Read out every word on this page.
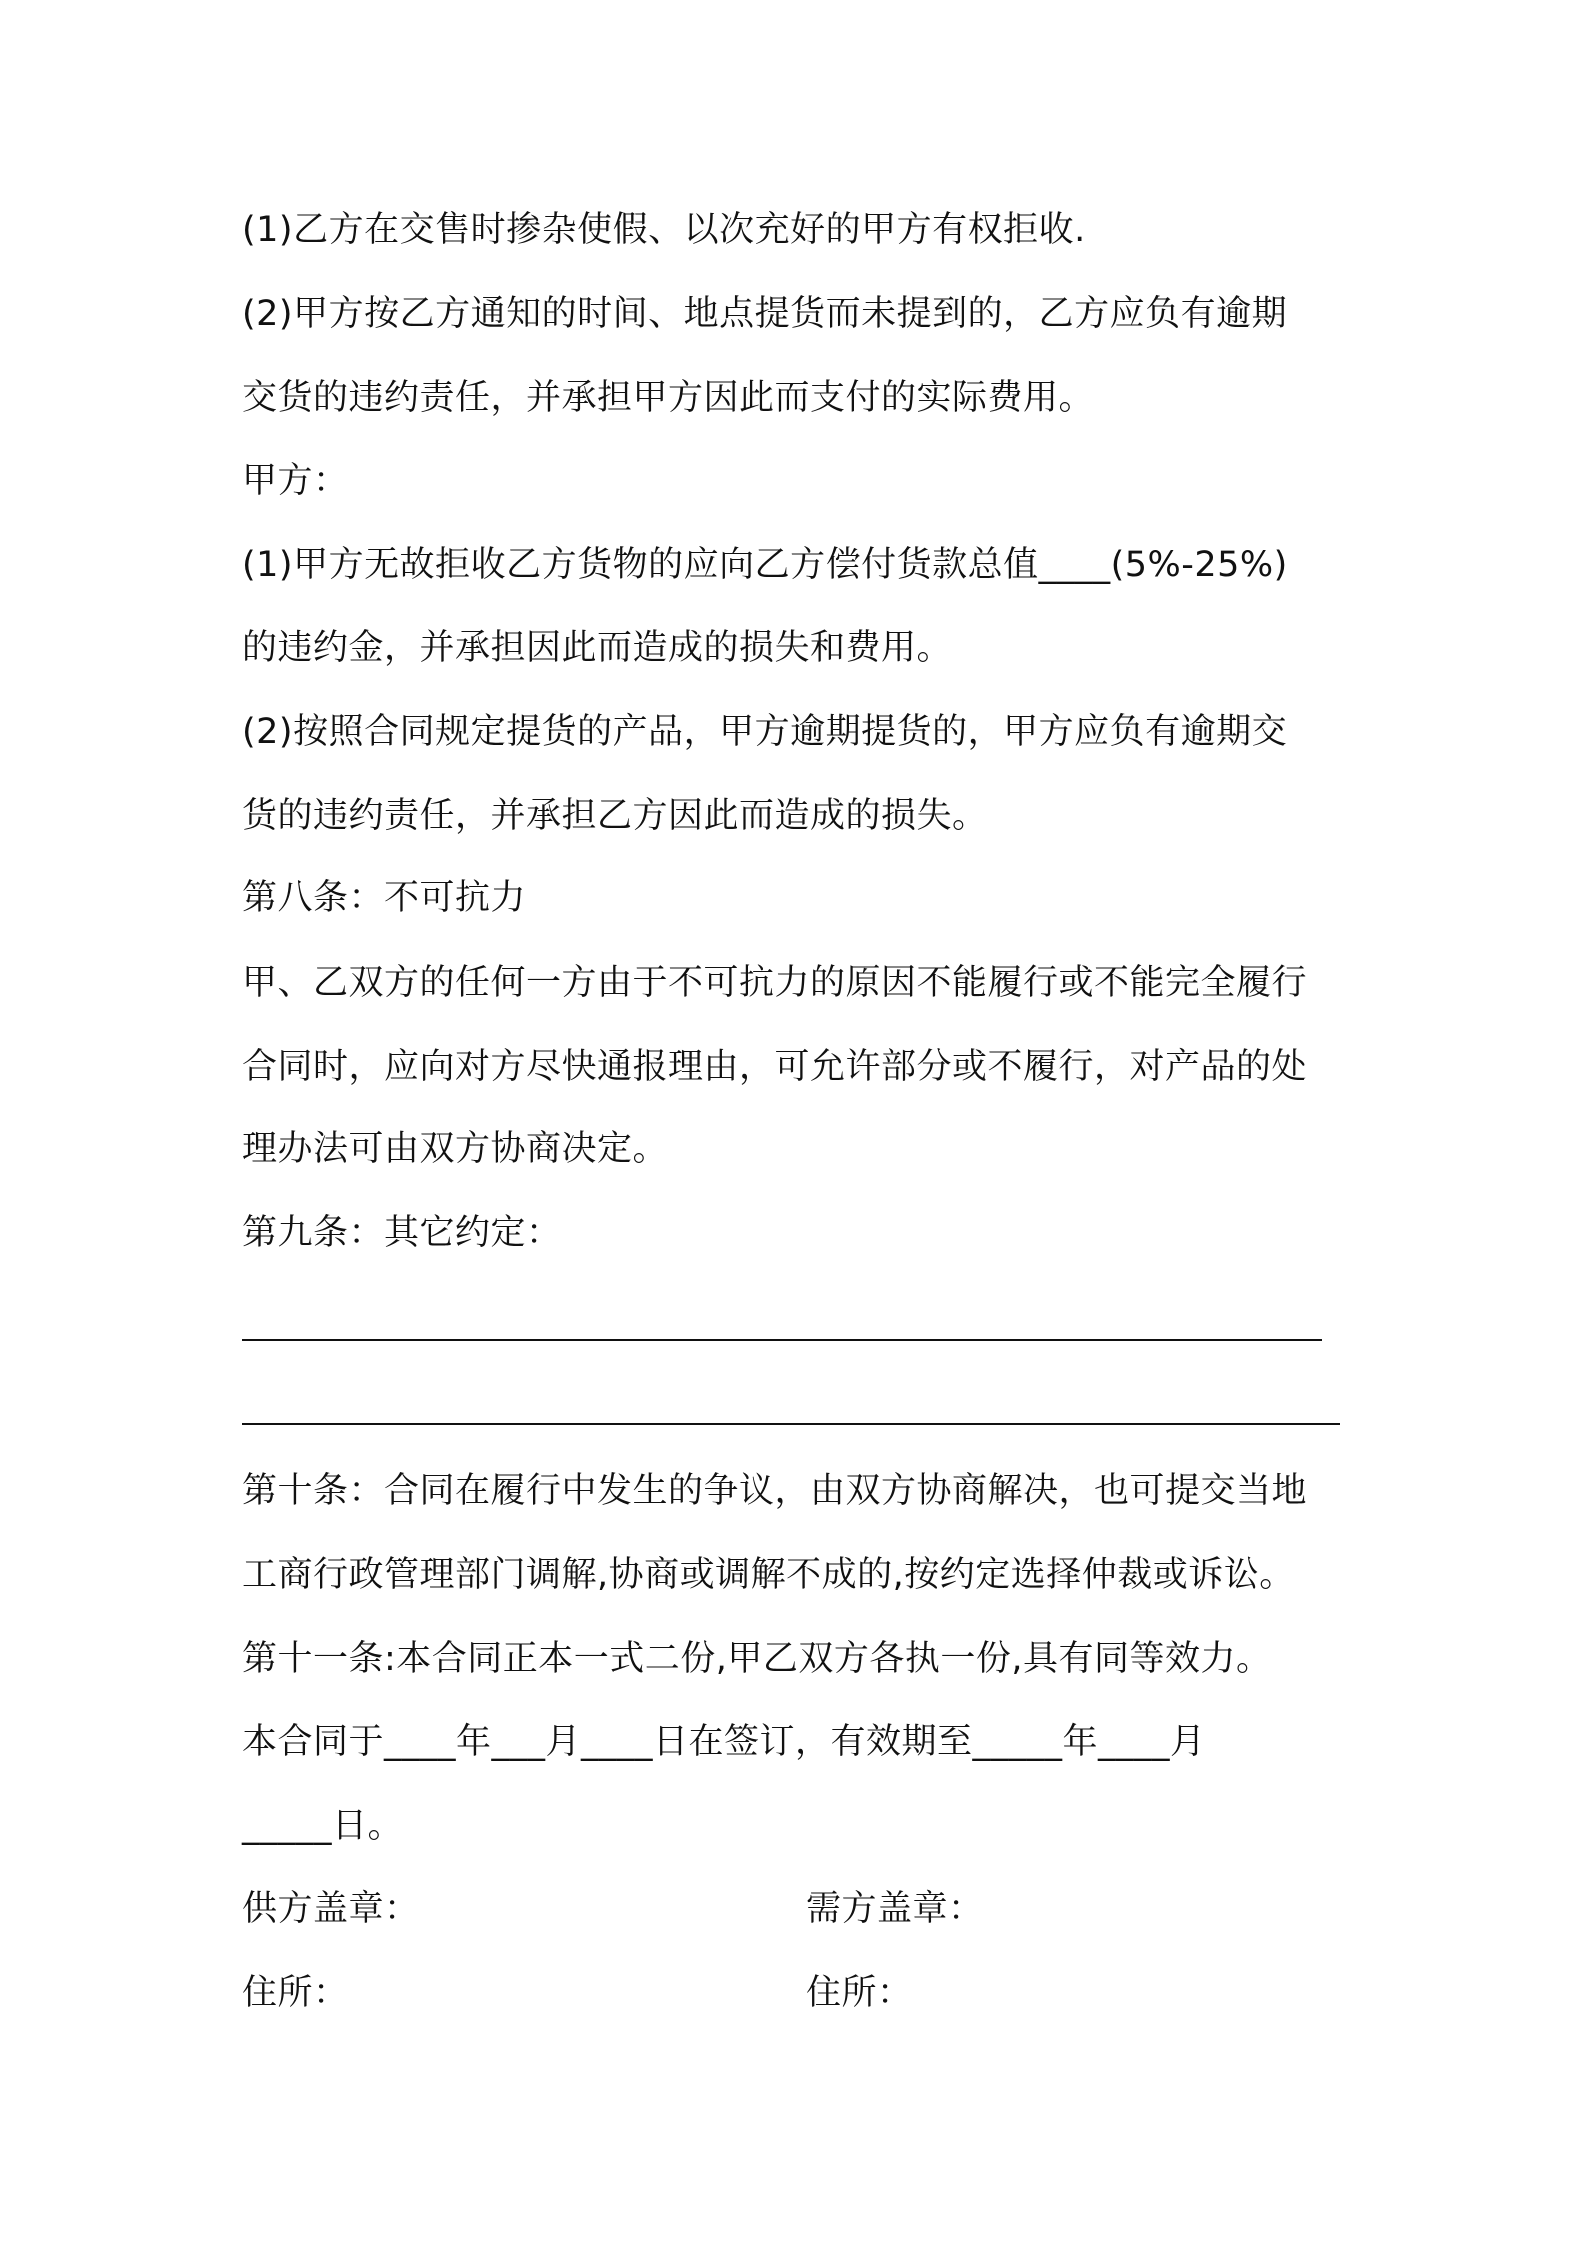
(1)乙方在交售时掺杂使假、以次充好的甲方有权拒收.
(2)甲方按乙方通知的时间、地点提货而未提到的，乙方应负有逾期
交货的违约责任，并承担甲方因此而支付的实际费用。
甲方：
(1)甲方无故拒收乙方货物的应向乙方偿付货款总值____(5%-25%)
的违约金，并承担因此而造成的损失和费用。
(2)按照合同规定提货的产品，甲方逾期提货的，甲方应负有逾期交
货的违约责任，并承担乙方因此而造成的损失。
第八条：不可抗力
甲、乙双方的任何一方由于不可抗力的原因不能履行或不能完全履行
合同时，应向对方尽快通报理由，可允许部分或不履行，对产品的处
理办法可由双方协商决定。
第九条：其它约定：
第十条：合同在履行中发生的争议，由双方协商解决，也可提交当地
工商行政管理部门调解,协商或调解不成的,按约定选择仲裁或诉讼。
第十一条:本合同正本一式二份,甲乙双方各执一份,具有同等效力。
本合同于____年___月____日在签订，有效期至_____年____月
_____日。
供方盖章：	需方盖章：
住所：	住所：
